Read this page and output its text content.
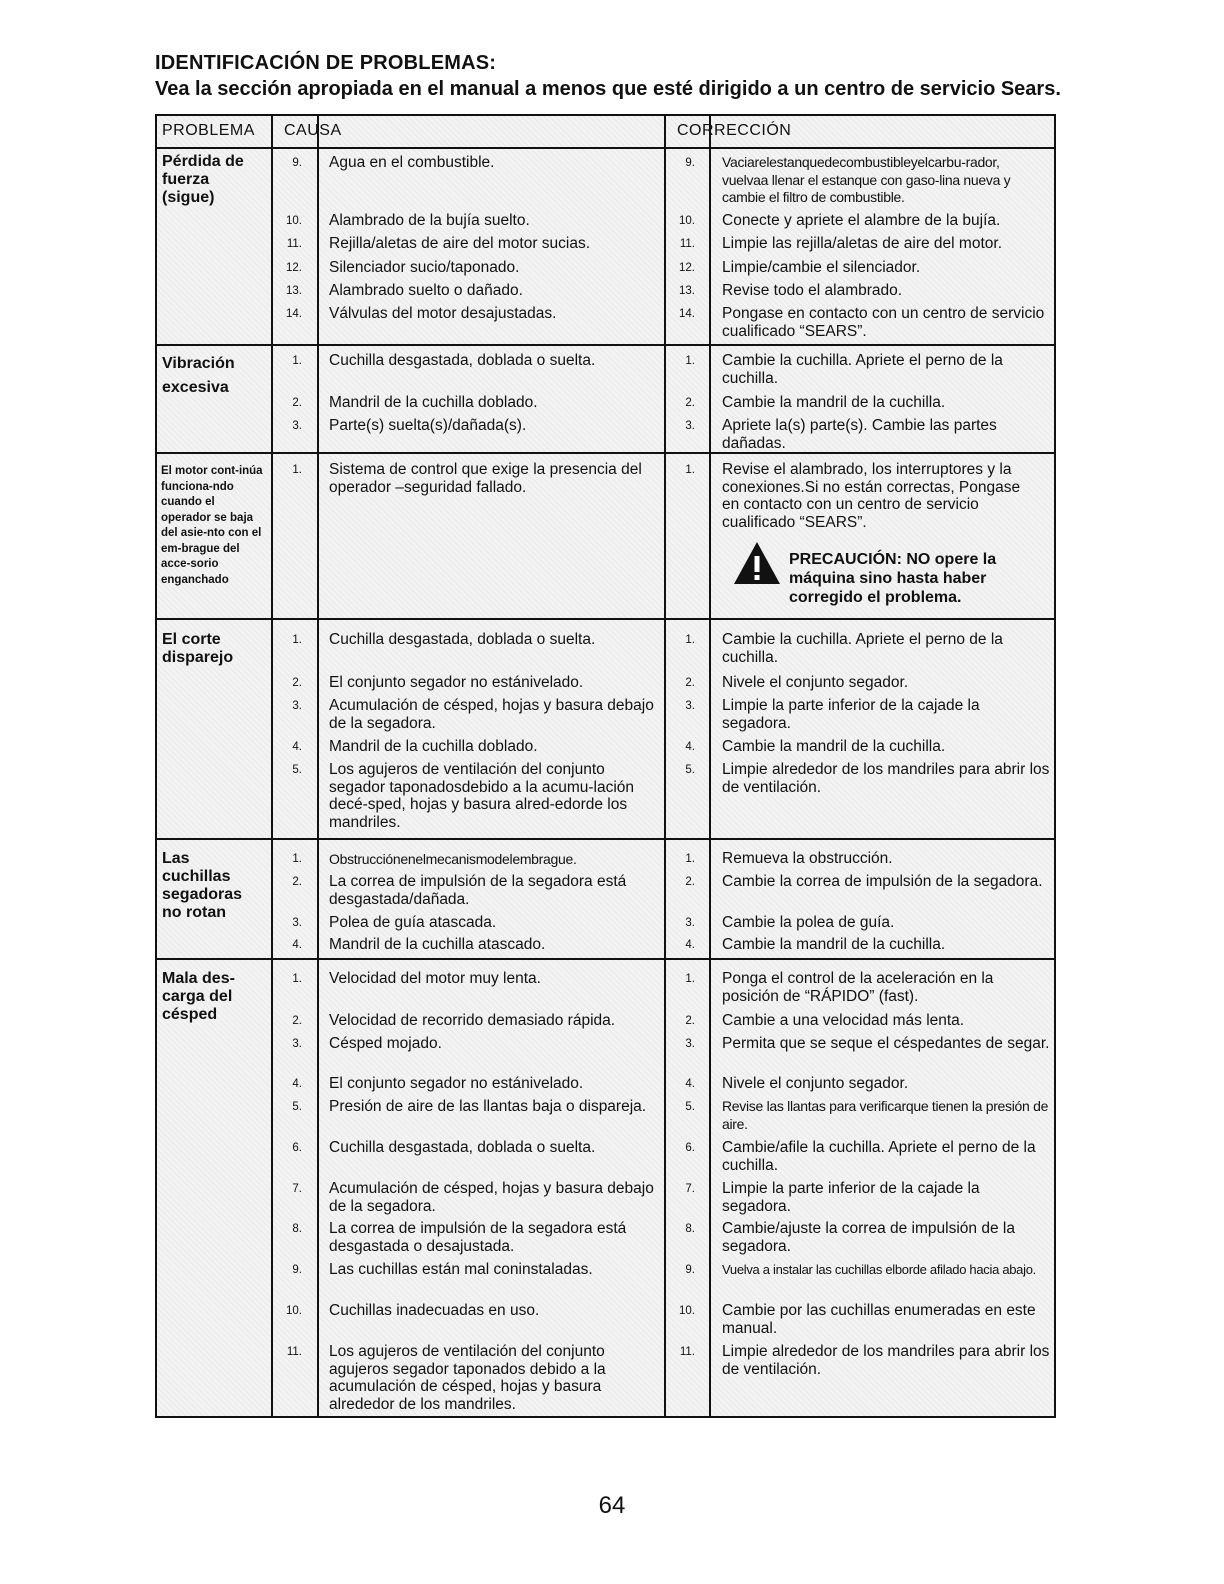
IDENTIFICACIÓN DE PROBLEMAS:
Vea la sección apropiada en el manual a menos que esté dirigido a un centro de servicio Sears.
PROBLEMA CAUSA	CORRECCIÓN
Pérdida de fuerza (sigue)
9. Agua en el combustible.
10. Alambrado de la bujía suelto.
11. Rejilla/aletas de aire del motor sucias.
12. Silenciador sucio/taponado.
13. Alambrado suelto o dañado.
14. Válvulas del motor desajustadas.
9. Vaciarelestanquedecombustibleyelcarbu-rador, vuelvaa llenar el estanque con gaso-lina nueva y cambie el filtro de combustible.
10. Conecte y apriete el alambre de la bujía.
11. Limpie las rejilla/aletas de aire del motor.
12. Limpie/cambie el silenciador.
13. Revise todo el alambrado.
14. Pongase en contacto con un centro de servicio cualificado “SEARS”.
Vibración excesiva
1. Cuchilla desgastada, doblada o suelta.
2. Mandril de la cuchilla doblado.
3. Parte(s) suelta(s)/dañada(s).
1. Cambie la cuchilla. Apriete el perno de la cuchilla.
2. Cambie la mandril de la cuchilla.
3. Apriete la(s) parte(s). Cambie las partes dañadas.
El motor cont-inúa funciona-ndo cuando el operador se baja del asie-nto con el em-brague del acce-sorio enganchado
1. Sistema de control que exige la presencia del operador –seguridad fallado.
1. Revise el alambrado, los interruptores y la conexiones.Si no están correctas, Pongase en contacto con un centro de servicio cualificado “SEARS”.
PRECAUCIÓN: NO opere la máquina sino hasta haber corregido el problema.
El corte disparejo
1. Cuchilla desgastada, doblada o suelta.
2. El conjunto segador no estánivelado.
3. Acumulación de césped, hojas y basura debajo de la segadora.
4. Mandril de la cuchilla doblado.
5. Los agujeros de ventilación del conjunto segador taponadosdebido a la acumu-lación decé-sped, hojas y basura alred-edorde los mandriles.
1. Cambie la cuchilla. Apriete el perno de la cuchilla.
2. Nivele el conjunto segador.
3. Limpie la parte inferior de la cajade la segadora.
4. Cambie la mandril de la cuchilla.
5. Limpie alrededor de los mandriles para abrir los de ventilación.
Las cuchillas segadoras no rotan
1. Obstrucciónenelmecanismodelembrague.
2. La correa de impulsión de la segadora está desgastada/dañada.
3. Polea de guía atascada.
4. Mandril de la cuchilla atascado.
1. Remueva la obstrucción.
2. Cambie la correa de impulsión de la segadora.
3. Cambie la polea de guía.
4. Cambie la mandril de la cuchilla.
Mala des-carga del césped
1. Velocidad del motor muy lenta.
2. Velocidad de recorrido demasiado rápida.
3. Césped mojado.
4. El conjunto segador no estánivelado.
5. Presión de aire de las llantas baja o dispareja.
6. Cuchilla desgastada, doblada o suelta.
7. Acumulación de césped, hojas y basura debajo de la segadora.
8. La correa de impulsión de la segadora está desgastada o desajustada.
9. Las cuchillas están mal coninstaladas.
10. Cuchillas inadecuadas en uso.
11. Los agujeros de ventilación del conjunto agujeros segador taponados debido a la acumulación de césped, hojas y basura alrededor de los mandriles.
1. Ponga el control de la aceleración en la posición de “RÁPIDO” (fast).
2. Cambie a una velocidad más lenta.
3. Permita que se seque el céspedantes de segar.
4. Nivele el conjunto segador.
5. Revise las llantas para verificarque tienen la presión de aire.
6. Cambie/afile la cuchilla. Apriete el perno de la cuchilla.
7. Limpie la parte inferior de la cajade la segadora.
8. Cambie/ajuste la correa de impulsión de la segadora.
9. Vuelva a instalar las cuchillas elborde afilado hacia abajo.
10. Cambie por las cuchillas enumeradas en este manual.
11. Limpie alrededor de los mandriles para abrir los de ventilación.
64
